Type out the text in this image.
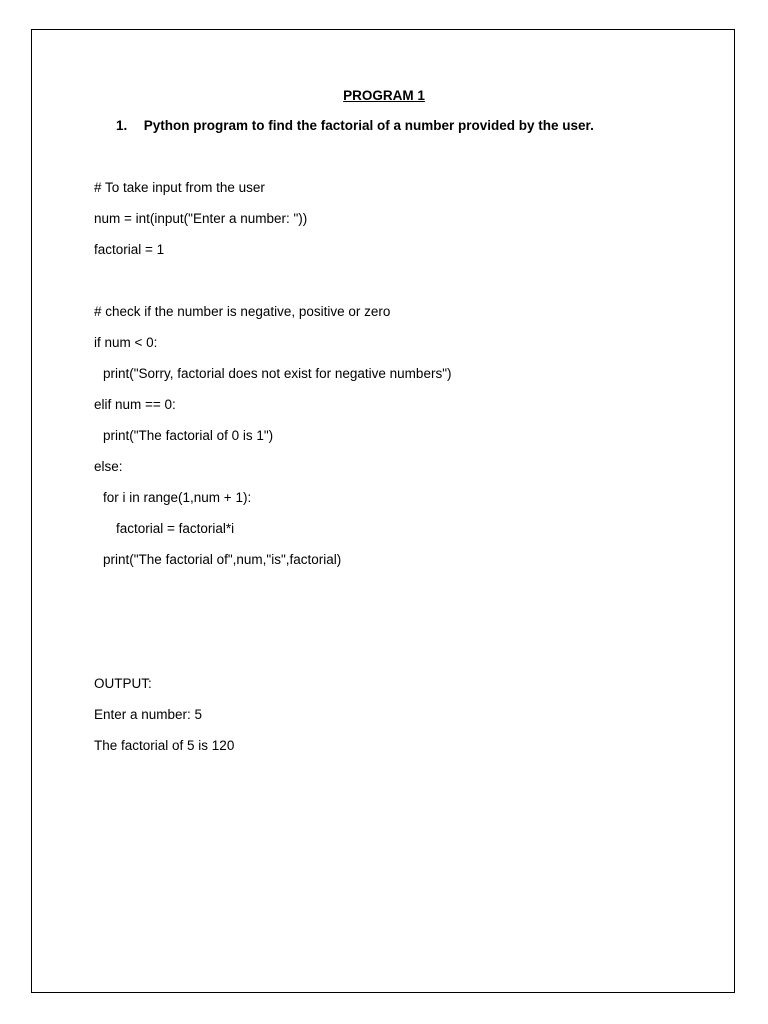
PROGRAM 1
1. Python program to find the factorial of a number provided by the user.
# To take input from the user
num = int(input("Enter a number: "))
factorial = 1
# check if the number is negative, positive or zero
if num < 0:
print("Sorry, factorial does not exist for negative numbers")
elif num == 0:
print("The factorial of 0 is 1")
else:
for i in range(1,num + 1):
factorial = factorial*i
print("The factorial of",num,"is",factorial)
OUTPUT:
Enter a number: 5
The factorial of 5 is 120
